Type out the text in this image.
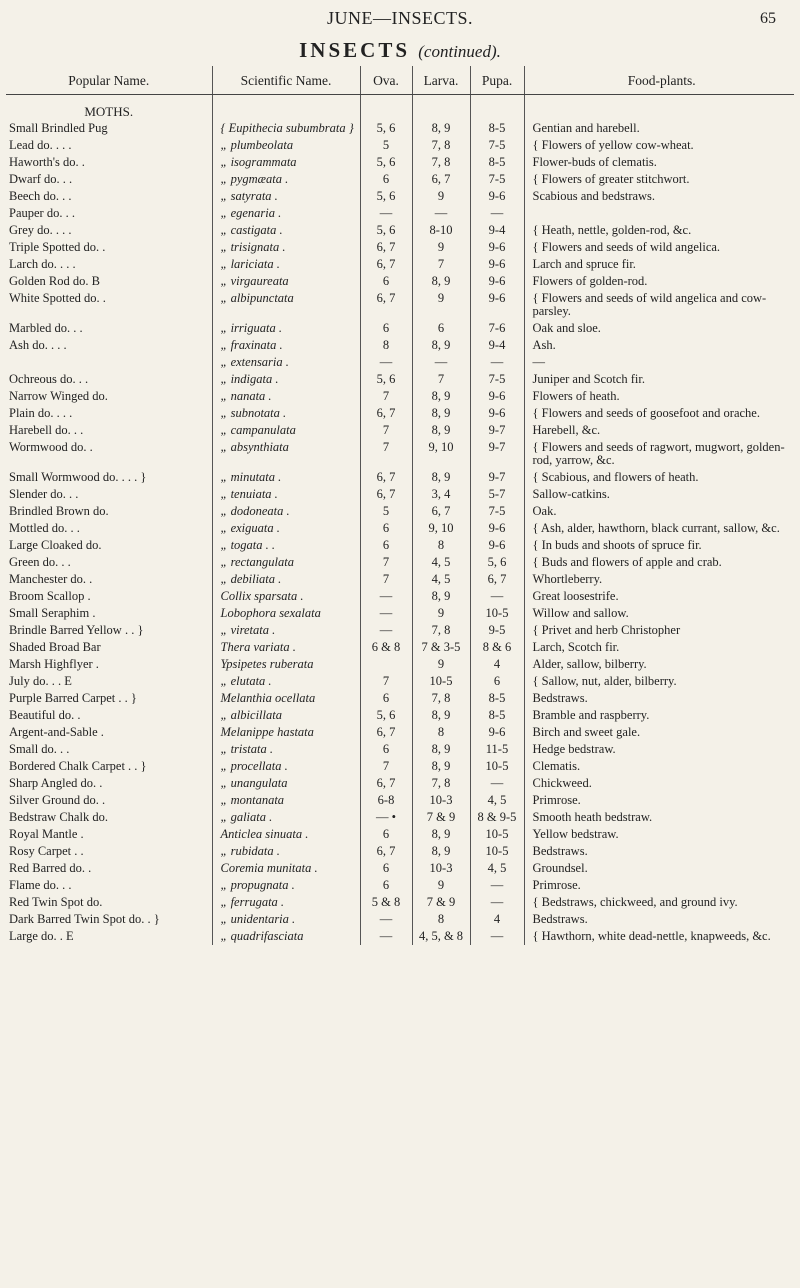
JUNE—INSECTS.	65
INSECTS (continued).
Popular Name.	Scientific Name.	Ova.	Larva.	Pupa.	Food-plants.
MOTHS.					
Small Brindled Pug	{ Eupithecia subumbrata }	5, 6	8, 9	8-5	Gentian and harebell.
Lead do. . . .	„ plumbeolata	5	7, 8	7-5	{ Flowers of yellow cow-wheat.
Haworth's do. .	„ isogrammata	5, 6	7, 8	8-5	Flower-buds of clematis.
Dwarf do. . .	„ pygmæata .	6	6, 7	7-5	{ Flowers of greater stitchwort.
Beech do. . .	„ satyrata .	5, 6	9	9-6	Scabious and bedstraws.
Pauper do. . .	„ egenaria .	—	—	—	
Grey do. . . .	„ castigata .	5, 6	8-10	9-4	{ Heath, nettle, golden-rod, &c.
Triple Spotted do. .	„ trisignata .	6, 7	9	9-6	{ Flowers and seeds of wild angelica.
Larch do. . . .	„ lariciata .	6, 7	7	9-6	Larch and spruce fir.
Golden Rod do. B	„ virgaureata	6	8, 9	9-6	Flowers of golden-rod.
White Spotted do. .	„ albipunctata	6, 7	9	9-6	{ Flowers and seeds of wild angelica and cow-parsley.
Marbled do. . .	„ irriguata .	6	6	7-6	Oak and sloe.
Ash do. . . .	„ fraxinata .	8	8, 9	9-4	Ash.
	„ extensaria .	—	—	—	—
Ochreous do. . .	„ indigata .	5, 6	7	7-5	Juniper and Scotch fir.
Narrow Winged do.	„ nanata .	7	8, 9	9-6	Flowers of heath.
Plain do. . . .	„ subnotata .	6, 7	8, 9	9-6	{ Flowers and seeds of goosefoot and orache.
Harebell do. . .	„ campanulata	7	8, 9	9-7	Harebell, &c.
Wormwood do. .	„ absynthiata	7	9, 10	9-7	{ Flowers and seeds of ragwort, mugwort, golden-rod, yarrow, &c.
Small Wormwood do. . . . }	„ minutata .	6, 7	8, 9	9-7	{ Scabious, and flowers of heath.
Slender do. . .	„ tenuiata .	6, 7	3, 4	5-7	Sallow-catkins.
Brindled Brown do.	„ dodoneata .	5	6, 7	7-5	Oak.
Mottled do. . .	„ exiguata .	6	9, 10	9-6	{ Ash, alder, hawthorn, black currant, sallow, &c.
Large Cloaked do.	„ togata . .	6	8	9-6	{ In buds and shoots of spruce fir.
Green do. . .	„ rectangulata	7	4, 5	5, 6	{ Buds and flowers of apple and crab.
Manchester do. .	„ debiliata .	7	4, 5	6, 7	Whortleberry.
Broom Scallop .	Collix sparsata .	—	8, 9	—	Great loosestrife.
Small Seraphim .	Lobophora sexalata	—	9	10-5	Willow and sallow.
Brindle Barred Yellow . . }	„ viretata .	—	7, 8	9-5	{ Privet and herb Christopher
Shaded Broad Bar	Thera variata .	6 & 8	7 & 3-5	8 & 6	Larch, Scotch fir.
Marsh Highflyer .	Ypsipetes ruberata		9	4	Alder, sallow, bilberry.
July do. . . E	„ elutata .	7	10-5	6	{ Sallow, nut, alder, bilberry.
Purple Barred Carpet . . }	Melanthia ocellata	6	7, 8	8-5	Bedstraws.
Beautiful do. .	„ albicillata	5, 6	8, 9	8-5	Bramble and raspberry.
Argent-and-Sable .	Melanippe hastata	6, 7	8	9-6	Birch and sweet gale.
Small do. . .	„ tristata .	6	8, 9	11-5	Hedge bedstraw.
Bordered Chalk Carpet . . }	„ procellata .	7	8, 9	10-5	Clematis.
Sharp Angled do. .	„ unangulata	6, 7	7, 8	—	Chickweed.
Silver Ground do. .	„ montanata	6-8	10-3	4, 5	Primrose.
Bedstraw Chalk do.	„ galiata .	— •	7 & 9	8 & 9-5	Smooth heath bedstraw.
Royal Mantle .	Anticlea sinuata .	6	8, 9	10-5	Yellow bedstraw.
Rosy Carpet . .	„ rubidata .	6, 7	8, 9	10-5	Bedstraws.
Red Barred do. .	Coremia munitata .	6	10-3	4, 5	Groundsel.
Flame do. . .	„ propugnata .	6	9	—	Primrose.
Red Twin Spot do.	„ ferrugata .	5 & 8	7 & 9	—	{ Bedstraws, chickweed, and ground ivy.
Dark Barred Twin Spot do. . }	„ unidentaria .	—	8	4	Bedstraws.
Large do. . E	„ quadrifasciata	—	4, 5, & 8	—	{ Hawthorn, white dead-nettle, knapweeds, &c.
